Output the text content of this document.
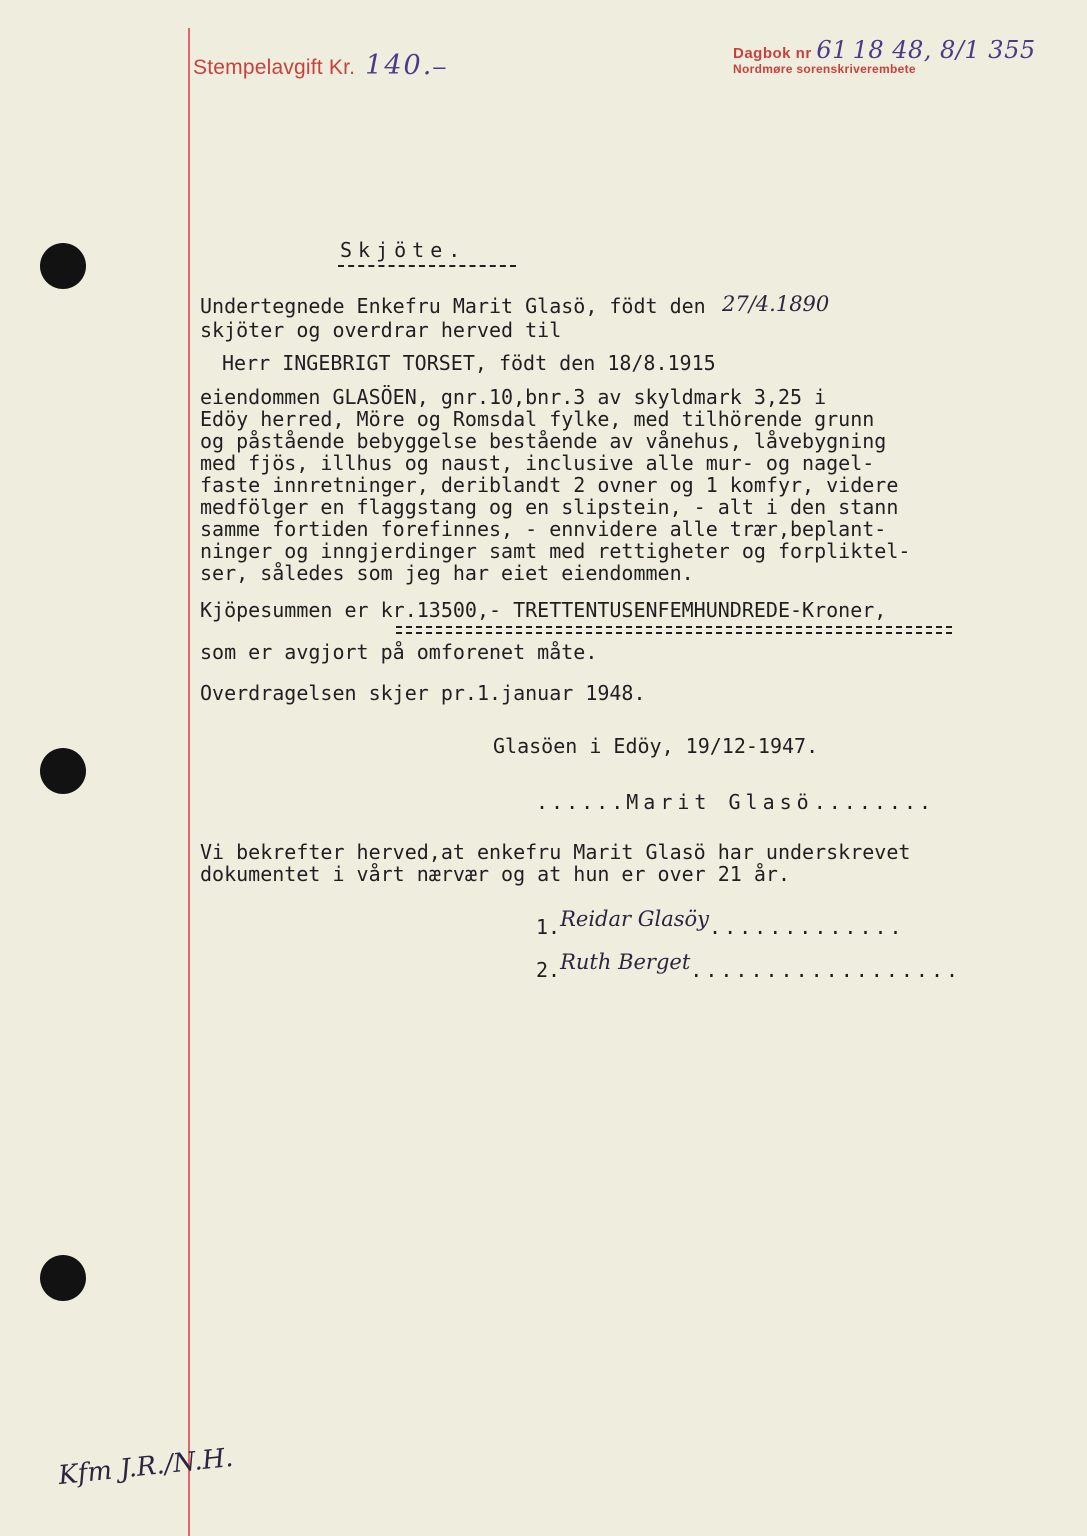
Stempelavgift Kr. 140.–
Dagbok nr 61 18 48, 8/1 355
Nordmøre sorenskriverembete
Skjöte.
Undertegnede Enkefru Marit Glasö, födt den 27/4.1890
skjöter og overdrar herved til
Herr INGEBRIGT TORSET, födt den 18/8.1915
eiendommen GLASÖEN, gnr.10,bnr.3 av skyldmark 3,25 i
Edöy herred, Möre og Romsdal fylke, med tilhörende grunn
og påstående bebyggelse bestående av vånehus, låvebygning
med fjös, illhus og naust, inclusive alle mur- og nagel-
faste innretninger, deriblandt 2 ovner og 1 komfyr, videre
medfölger en flaggstang og en slipstein, - alt i den stann
samme fortiden forefinnes, - ennvidere alle trær,beplant-
ninger og inngjerdinger samt med rettigheter og forpliktel-
ser, således som jeg har eiet eiendommen.
Kjöpesummen er kr.13500,- TRETTENTUSENFEMHUNDREDE-Kroner,
som er avgjort på omforenet måte.
Overdragelsen skjer pr.1.januar 1948.
Glasöen i Edöy, 19/12-1947.
......Marit Glasö........
Vi bekrefter herved,at enkefru Marit Glasö har underskrevet
dokumentet i vårt nærvær og at hun er over 21 år.
1.Reidar Glasöy.............
2.Ruth Berget..................
Kfm J.R./N.H.
